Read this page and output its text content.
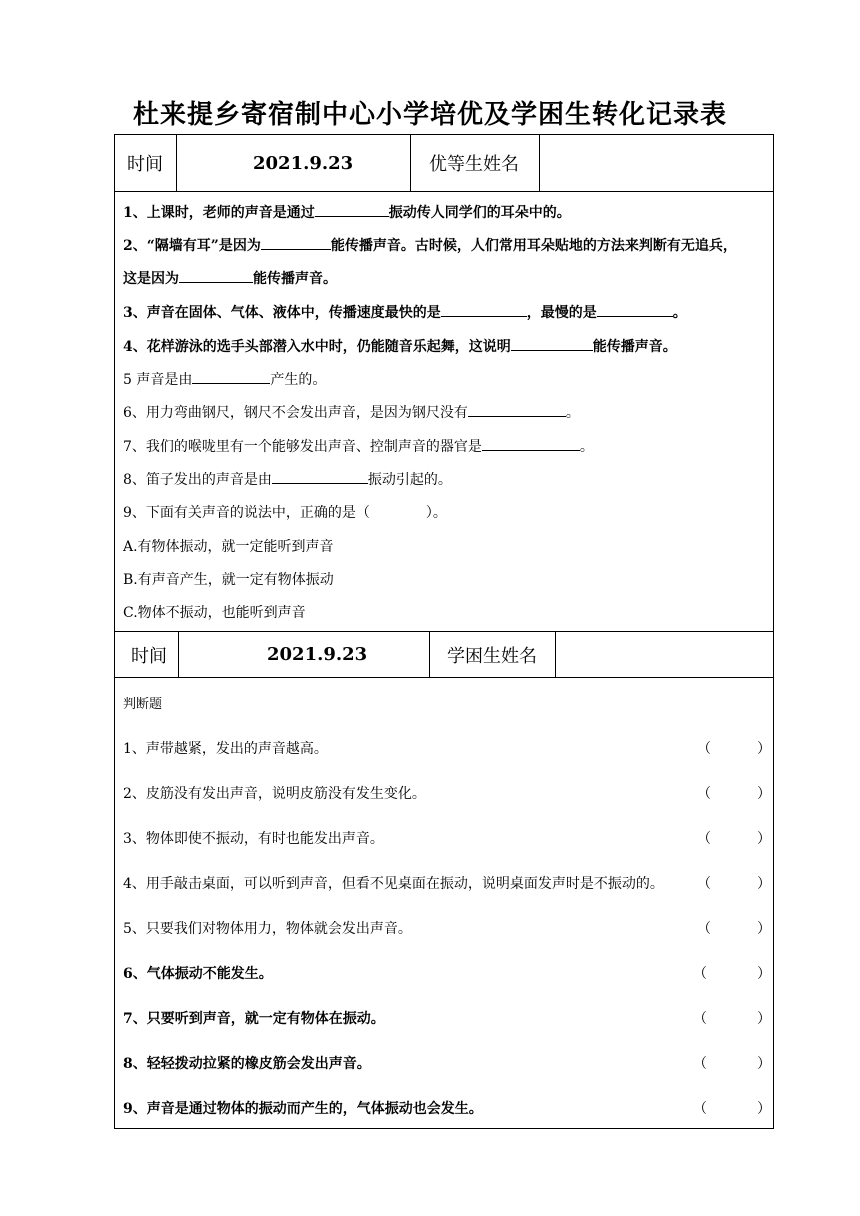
杜来提乡寄宿制中心小学培优及学困生转化记录表
时间	2021.9.23	优等生姓名
1、上课时，老师的声音是通过	振动传人同学们的耳朵中的。
2、“隔墙有耳”是因为	能传播声音。古时候，人们常用耳朵贴地的方法来判断有无追兵，
这是因为	能传播声音。
3、声音在固体、气体、液体中，传播速度最快的是	，最慢的是	。
4、花样游泳的选手头部潜入水中时，仍能随音乐起舞，这说明	能传播声音。
5 声音是由	产生的。
6、用力弯曲钢尺，钢尺不会发出声音，是因为钢尺没有	。
7、我们的喉咙里有一个能够发出声音、控制声音的器官是	。
8、笛子发出的声音是由	振动引起的。
9、下面有关声音的说法中，正确的是（　　　　）。
A.有物体振动，就一定能听到声音
B.有声音产生，就一定有物体振动
C.物体不振动，也能听到声音
时间	2021.9.23	学困生姓名
判断题
1、声带越紧，发出的声音越高。	（	）
2、皮筋没有发出声音，说明皮筋没有发生变化。	（	）
3、物体即使不振动，有时也能发出声音。	（	）
4、用手敲击桌面，可以听到声音，但看不见桌面在振动，说明桌面发声时是不振动的。 （	）
5、只要我们对物体用力，物体就会发出声音。	（	）
6、气体振动不能发生。	（	）
7、只要听到声音，就一定有物体在振动。	（	）
8、轻轻拨动拉紧的橡皮筋会发出声音。	（	）
9、声音是通过物体的振动而产生的，气体振动也会发生。	（	）
